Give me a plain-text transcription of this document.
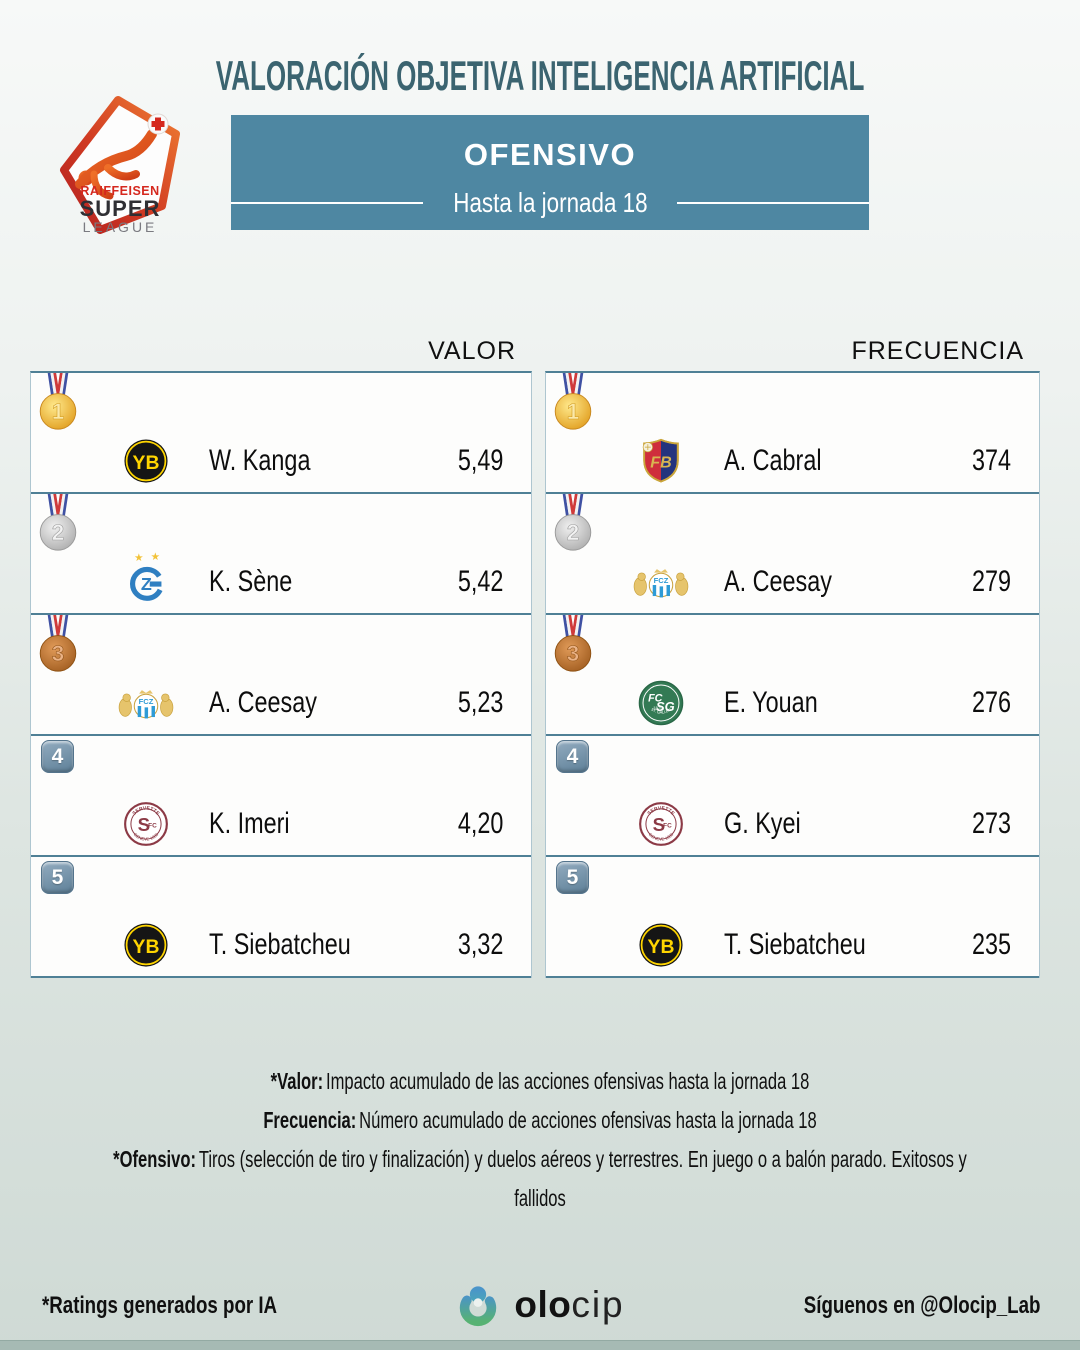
VALORACIÓN OBJETIVA INTELIGENCIA ARTIFICIAL
RAIFFEISEN
SUPER
LEAGUE
OFENSIVO
Hasta la jornada 18
VALOR
1
W. Kanga	5,49
2
K. Sène	5,42
3
A. Ceesay	5,23
4
K. Imeri	4,20
5
T. Siebatcheu	3,32
FRECUENCIA
1
A. Cabral	374
2
A. Ceesay	279
3
E. Youan	276
4
G. Kyei	273
5
T. Siebatcheu	235
*Valor: Impacto acumulado de las acciones ofensivas hasta la jornada 18
Frecuencia: Número acumulado de acciones ofensivas hasta la jornada 18
*Ofensivo: Tiros (selección de tiro y finalización) y duelos aéreos y terrestres. En juego o a balón parado. Exitosos y fallidos
*Ratings generados por IA	olocip	Síguenos en @Olocip_Lab
